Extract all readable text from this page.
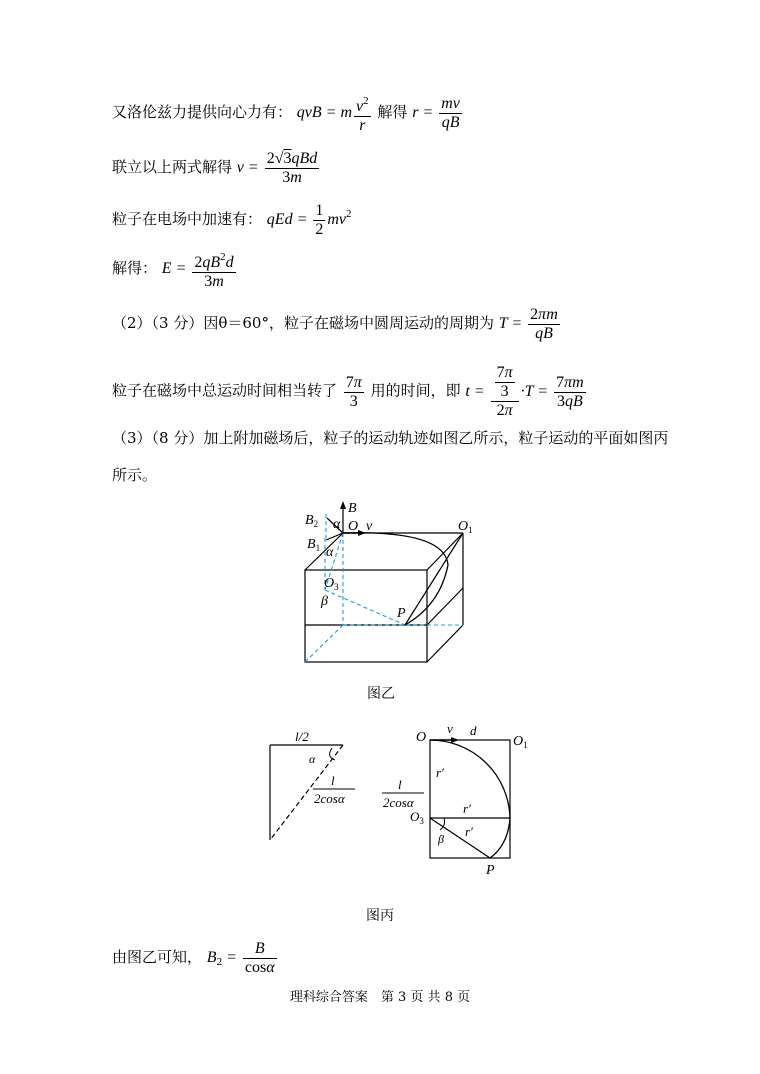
又洛伦兹力提供向心力有： qvB = m $\frac{v^2}{r}$ 解得 $r = \frac{mv}{qB}$
联立以上两式解得 $v = \frac{\text{2√3qBd}}{3m}$
粒子在电场中加速有： qEd = $\frac{1}{2} mv^2$
解得： $E = \frac{2qB^2d}{3m}$
（2）（3 分）因θ＝60°，粒子在磁场中圆周运动的周期为 $T = \frac{2\pi m}{qB}$
粒子在磁场中总运动时间相当转了 $\frac{7\pi}{3}$ 用的时间，即 $t = \frac{\frac{7\pi}{3}}{2\pi} \cdot T = \frac{7\pi m}{3qB}$
（3）（8 分）加上附加磁场后，粒子的运动轨迹如图乙所示，粒子运动的平面如图丙
所示。
B
$B_2$ α O v
$B_1$ α
$O_1$
$O_3$
β
P
图乙
l/2
α
l
2cosα
O
v d
$O_1$
r′
r′
r′
l
2cosα
$O_3$
β
P
图丙
由图乙可知， $B2 = \frac{B}{\cos\alpha}$
理科综合答案　第 3 页 共 8 页
